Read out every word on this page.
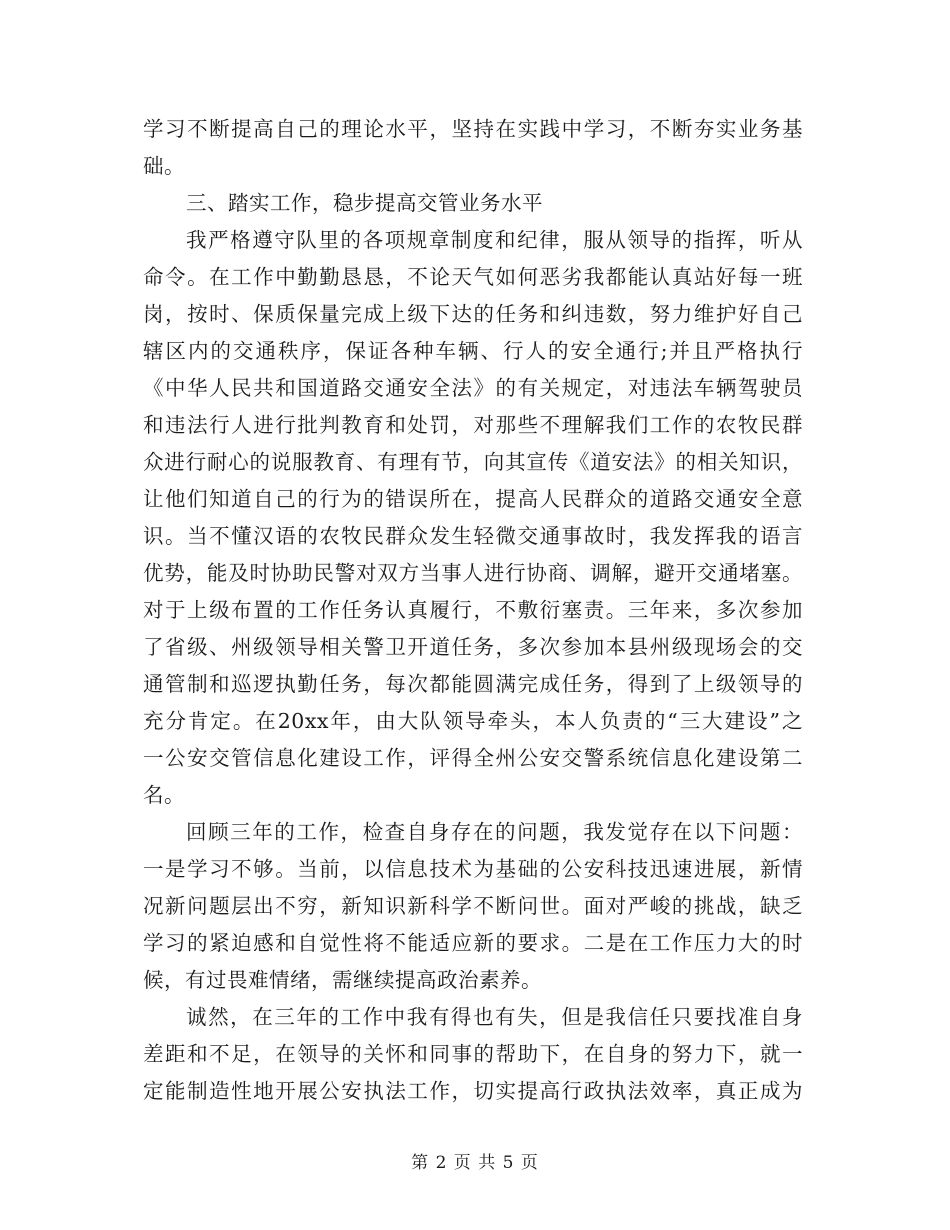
学习不断提高自己的理论水平，坚持在实践中学习，不断夯实业务基
础。
三、踏实工作，稳步提高交管业务水平
我严格遵守队里的各项规章制度和纪律，服从领导的指挥，听从
命令。在工作中勤勤恳恳，不论天气如何恶劣我都能认真站好每一班
岗，按时、保质保量完成上级下达的任务和纠违数，努力维护好自己
辖区内的交通秩序，保证各种车辆、行人的安全通行;并且严格执行
《中华人民共和国道路交通安全法》的有关规定，对违法车辆驾驶员
和违法行人进行批判教育和处罚，对那些不理解我们工作的农牧民群
众进行耐心的说服教育、有理有节，向其宣传《道安法》的相关知识，
让他们知道自己的行为的错误所在，提高人民群众的道路交通安全意
识。当不懂汉语的农牧民群众发生轻微交通事故时，我发挥我的语言
优势，能及时协助民警对双方当事人进行协商、调解，避开交通堵塞。
对于上级布置的工作任务认真履行，不敷衍塞责。三年来，多次参加
了省级、州级领导相关警卫开道任务，多次参加本县州级现场会的交
通管制和巡逻执勤任务，每次都能圆满完成任务，得到了上级领导的
充分肯定。在20xx年，由大队领导牵头，本人负责的“三大建设”之
一公安交管信息化建设工作，评得全州公安交警系统信息化建设第二
名。
回顾三年的工作，检查自身存在的问题，我发觉存在以下问题：
一是学习不够。当前，以信息技术为基础的公安科技迅速进展，新情
况新问题层出不穷，新知识新科学不断问世。面对严峻的挑战，缺乏
学习的紧迫感和自觉性将不能适应新的要求。二是在工作压力大的时
候，有过畏难情绪，需继续提高政治素养。
诚然，在三年的工作中我有得也有失，但是我信任只要找准自身
差距和不足，在领导的关怀和同事的帮助下，在自身的努力下，就一
定能制造性地开展公安执法工作，切实提高行政执法效率，真正成为
第 2 页 共 5 页
